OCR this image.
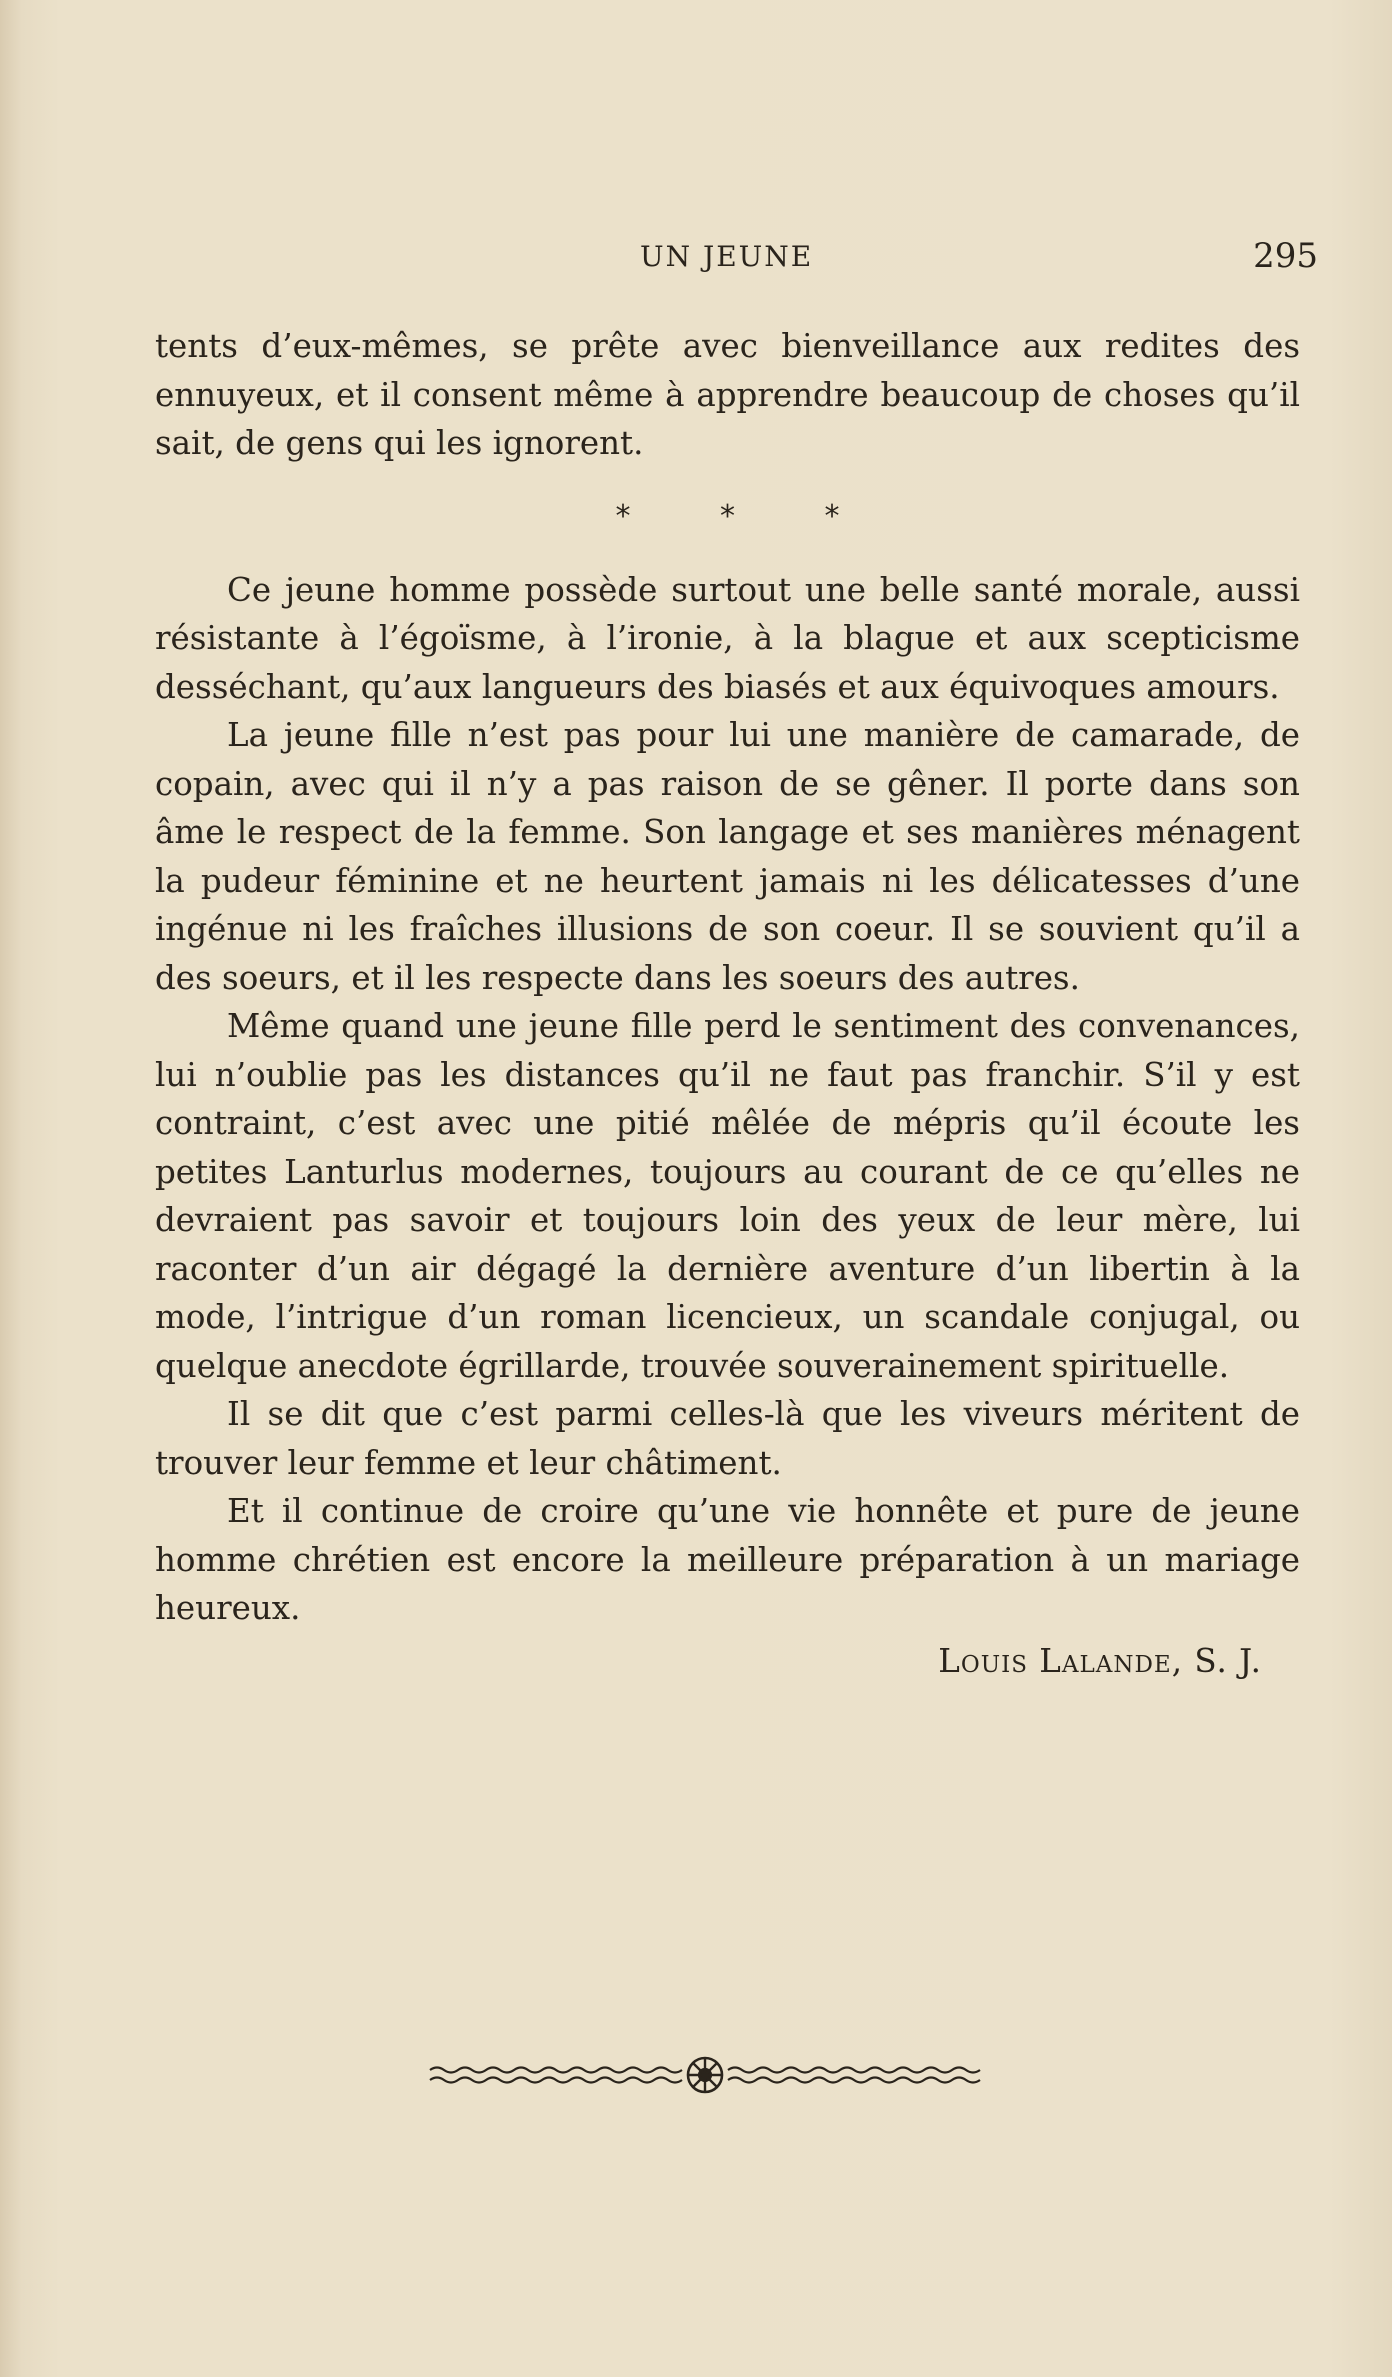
UN JEUNE	295

tents d’eux-mêmes, se prête avec bienveillance aux redites des ennuyeux, et il consent même à apprendre beaucoup de choses qu’il sait, de gens qui les ignorent.

* * *

Ce jeune homme possède surtout une belle santé morale, aussi résistante à l’égoïsme, à l’ironie, à la blague et aux scepticisme desséchant, qu’aux langueurs des biasés et aux équivoques amours.

La jeune fille n’est pas pour lui une manière de camarade, de copain, avec qui il n’y a pas raison de se gêner. Il porte dans son âme le respect de la femme. Son langage et ses manières ménagent la pudeur féminine et ne heurtent jamais ni les délicatesses d’une ingénue ni les fraîches illusions de son coeur. Il se souvient qu’il a des soeurs, et il les respecte dans les soeurs des autres.

Même quand une jeune fille perd le sentiment des convenances, lui n’oublie pas les distances qu’il ne faut pas franchir. S’il y est contraint, c’est avec une pitié mêlée de mépris qu’il écoute les petites Lanturlus modernes, toujours au courant de ce qu’elles ne devraient pas savoir et toujours loin des yeux de leur mère, lui raconter d’un air dégagé la dernière aventure d’un libertin à la mode, l’intrigue d’un roman licencieux, un scandale conjugal, ou quelque anecdote égrillarde, trouvée souverainement spirituelle.

Il se dit que c’est parmi celles-là que les viveurs méritent de trouver leur femme et leur châtiment.

Et il continue de croire qu’une vie honnête et pure de jeune homme chrétien est encore la meilleure préparation à un mariage heureux.

Louis Lalande, S. J.
